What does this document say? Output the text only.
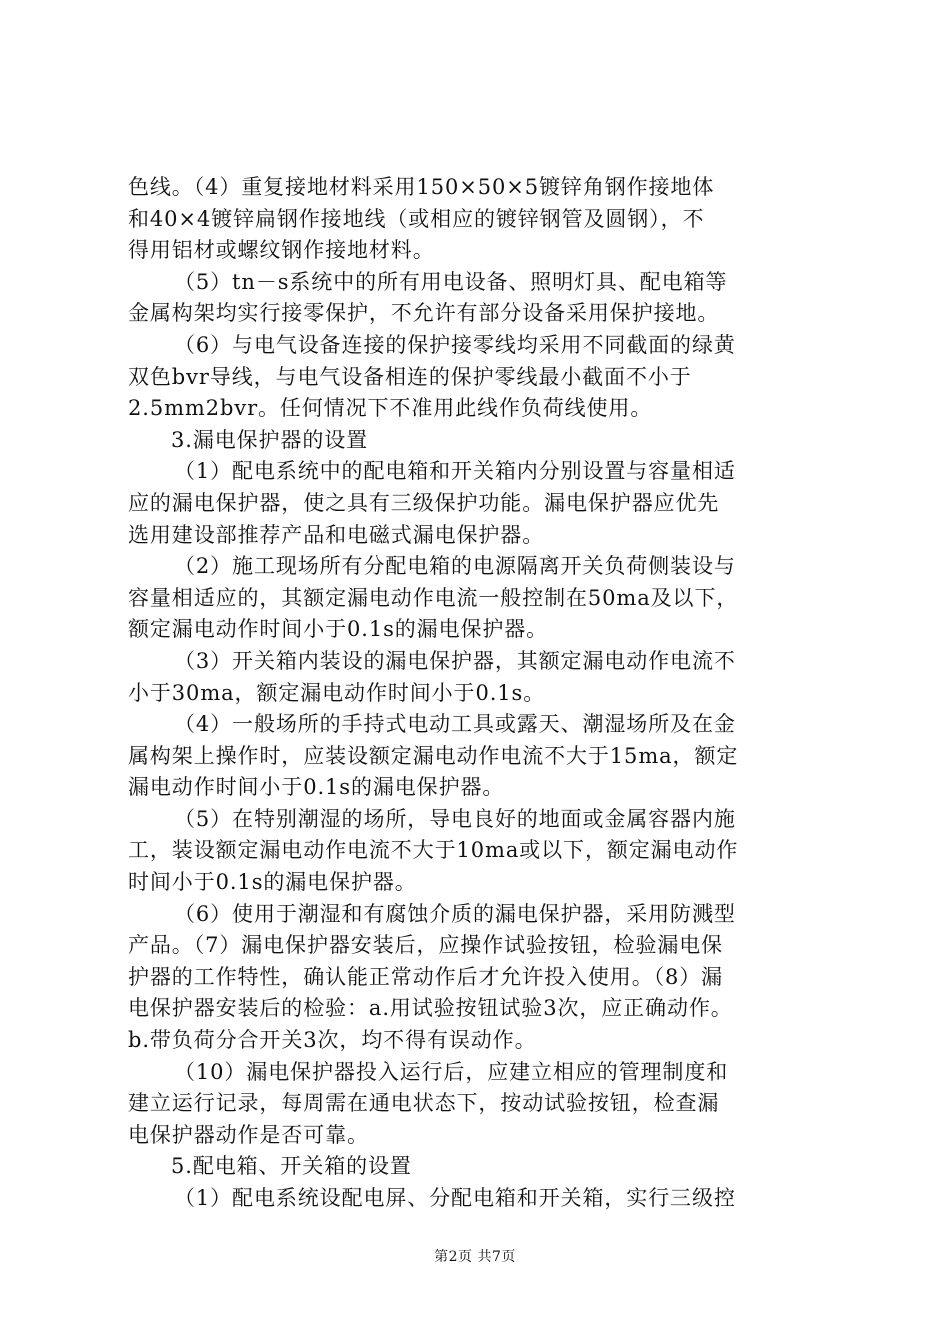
色线。（4）重复接地材料采用150×50×5镀锌角钢作接地体
和40×4镀锌扁钢作接地线（或相应的镀锌钢管及圆钢），不
得用铝材或螺纹钢作接地材料。
（5）tn－s系统中的所有用电设备、照明灯具、配电箱等
金属构架均实行接零保护，不允许有部分设备采用保护接地。
（6）与电气设备连接的保护接零线均采用不同截面的绿黄
双色bvr导线，与电气设备相连的保护零线最小截面不小于
2.5mm2bvr。任何情况下不准用此线作负荷线使用。
3.漏电保护器的设置
（1）配电系统中的配电箱和开关箱内分别设置与容量相适
应的漏电保护器，使之具有三级保护功能。漏电保护器应优先
选用建设部推荐产品和电磁式漏电保护器。
（2）施工现场所有分配电箱的电源隔离开关负荷侧装设与
容量相适应的，其额定漏电动作电流一般控制在50ma及以下，
额定漏电动作时间小于0.1s的漏电保护器。
（3）开关箱内装设的漏电保护器，其额定漏电动作电流不
小于30ma，额定漏电动作时间小于0.1s。
（4）一般场所的手持式电动工具或露天、潮湿场所及在金
属构架上操作时，应装设额定漏电动作电流不大于15ma，额定
漏电动作时间小于0.1s的漏电保护器。
（5）在特别潮湿的场所，导电良好的地面或金属容器内施
工，装设额定漏电动作电流不大于10ma或以下，额定漏电动作
时间小于0.1s的漏电保护器。
（6）使用于潮湿和有腐蚀介质的漏电保护器，采用防溅型
产品。（7）漏电保护器安装后，应操作试验按钮，检验漏电保
护器的工作特性，确认能正常动作后才允许投入使用。（8）漏
电保护器安装后的检验：a.用试验按钮试验3次，应正确动作。
b.带负荷分合开关3次，均不得有误动作。
（10）漏电保护器投入运行后，应建立相应的管理制度和
建立运行记录，每周需在通电状态下，按动试验按钮，检查漏
电保护器动作是否可靠。
5.配电箱、开关箱的设置
（1）配电系统设配电屏、分配电箱和开关箱，实行三级控
第2页 共7页
